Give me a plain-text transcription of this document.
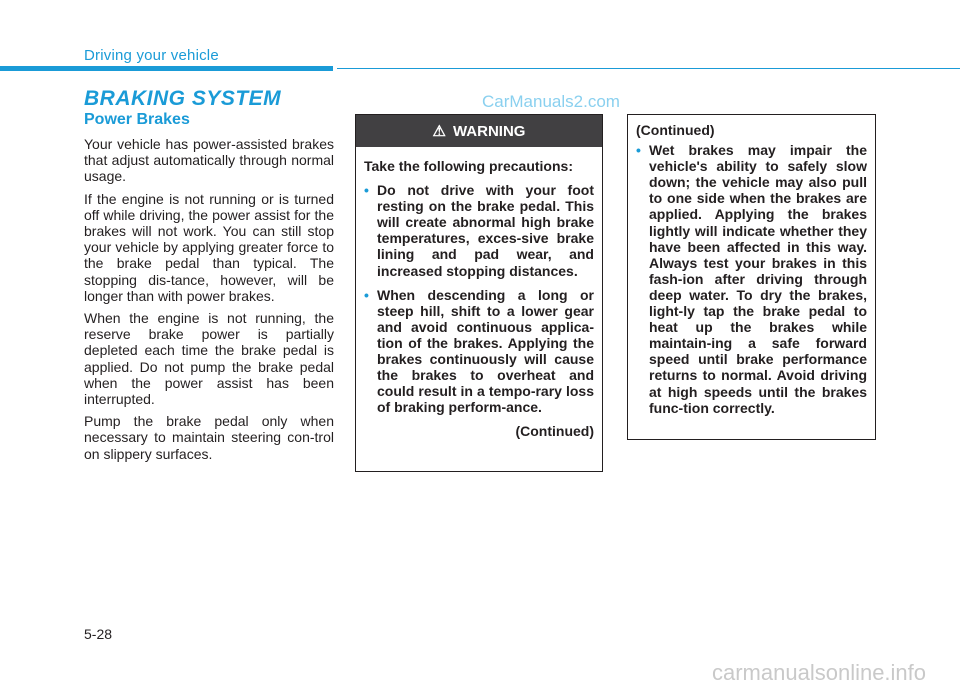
Driving your vehicle
CarManuals2.com
BRAKING SYSTEM
Power Brakes

Your vehicle has power-assisted brakes that adjust automatically through normal usage.

If the engine is not running or is turned off while driving, the power assist for the brakes will not work. You can still stop your vehicle by applying greater force to the brake pedal than typical. The stopping dis-tance, however, will be longer than with power brakes.

When the engine is not running, the reserve brake power is partially depleted each time the brake pedal is applied. Do not pump the brake pedal when the power assist has been interrupted.

Pump the brake pedal only when necessary to maintain steering con-trol on slippery surfaces.

⚠ WARNING

Take the following precautions:

• Do not drive with your foot resting on the brake pedal. This will create abnormal high brake temperatures, exces-sive brake lining and pad wear, and increased stopping distances.
• When descending a long or steep hill, shift to a lower gear and avoid continuous applica-tion of the brakes. Applying the brakes continuously will cause the brakes to overheat and could result in a tempo-rary loss of braking perform-ance.

(Continued)

(Continued)

• Wet brakes may impair the vehicle's ability to safely slow down; the vehicle may also pull to one side when the brakes are applied. Applying the brakes lightly will indicate whether they have been affected in this way. Always test your brakes in this fash-ion after driving through deep water. To dry the brakes, light-ly tap the brake pedal to heat up the brakes while maintain-ing a safe forward speed until brake performance returns to normal. Avoid driving at high speeds until the brakes func-tion correctly.
5-28
carmanualsonline.info
